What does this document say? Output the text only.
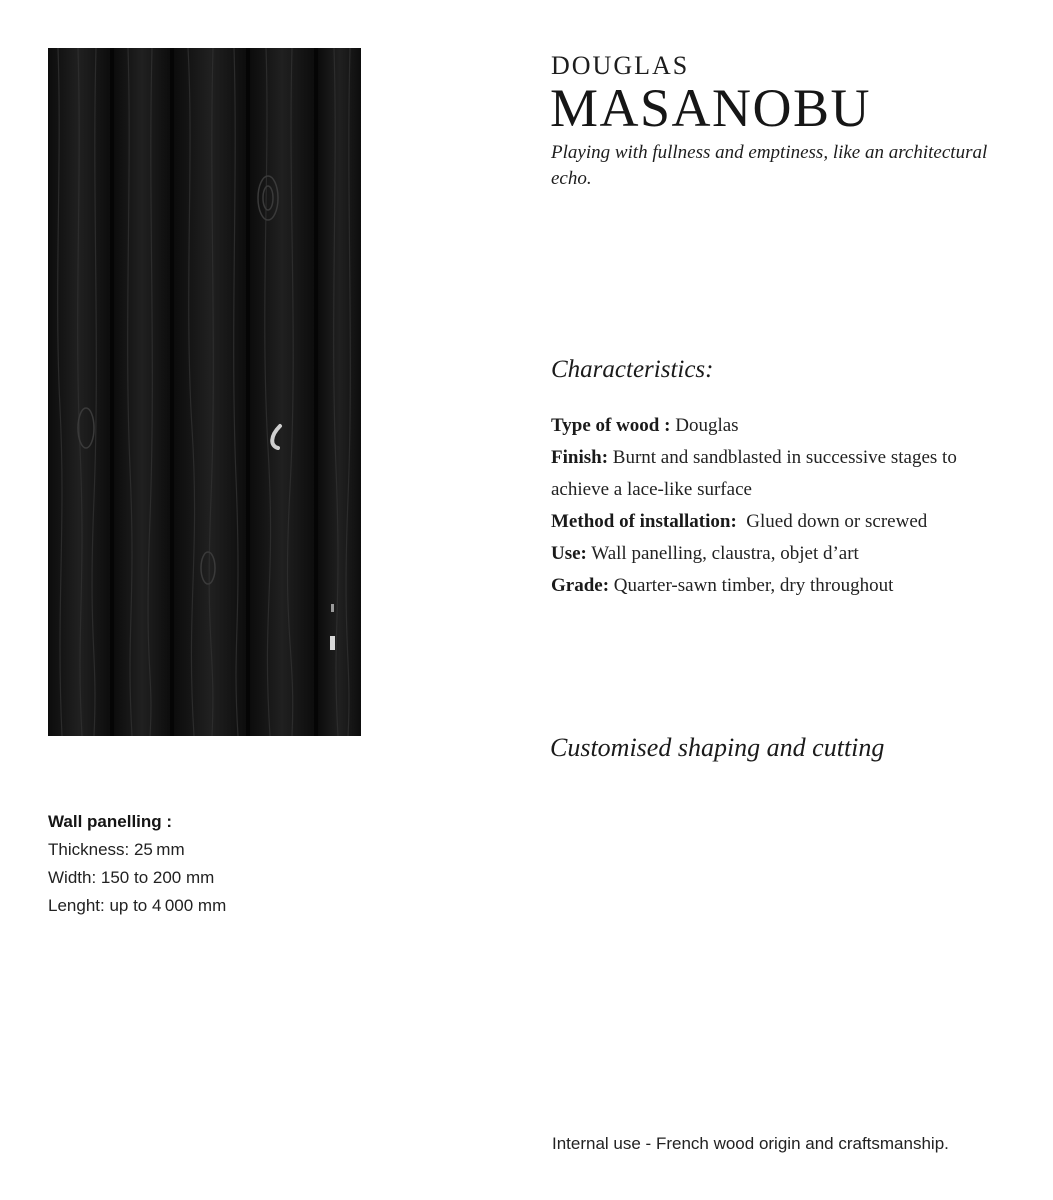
DOUGLAS
MASANOBU
Playing with fullness and emptiness, like an architectural echo.
Characteristics:

Type of wood : Douglas

Finish: Burnt and sandblasted in successive stages to achieve a lace-like surface

Method of installation:  Glued down or screwed

Use: Wall panelling, claustra, objet d’art

Grade: Quarter-sawn timber, dry throughout

Customised shaping and cutting
Wall panelling :
Thickness: 25 mm
Width: 150 to 200 mm
Lenght: up to 4 000 mm
Internal use - French wood origin and craftsmanship.
